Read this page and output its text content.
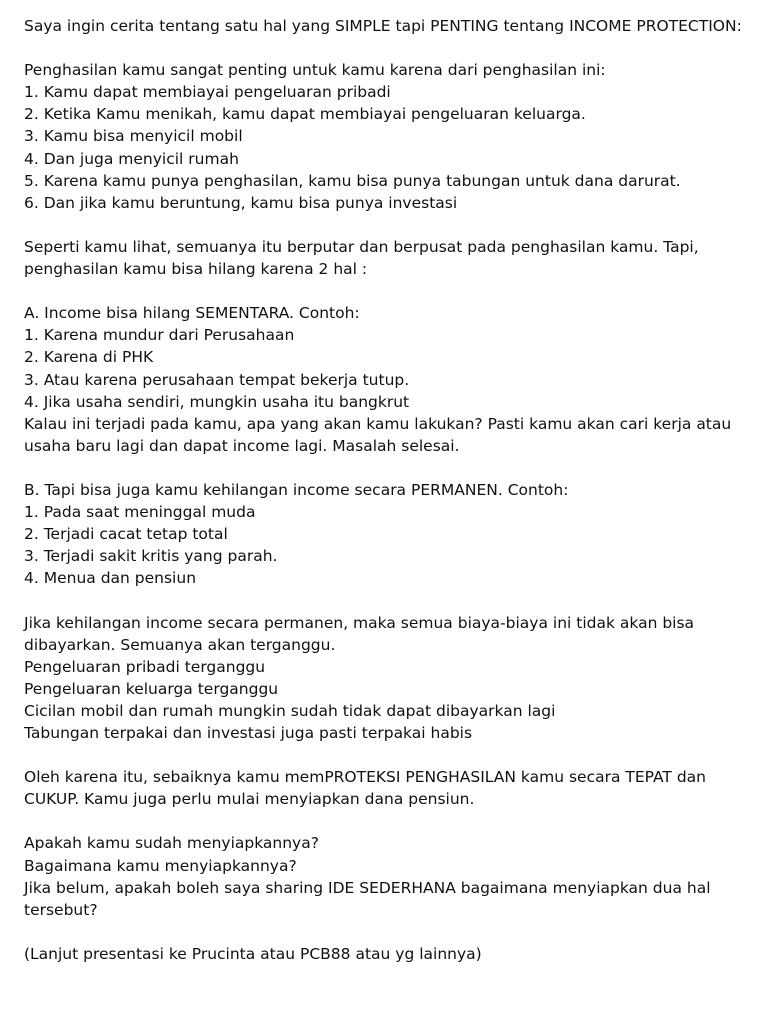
Saya ingin cerita tentang satu hal yang SIMPLE tapi PENTING tentang INCOME PROTECTION:
Penghasilan kamu sangat penting untuk kamu karena dari penghasilan ini:
1. Kamu dapat membiayai pengeluaran pribadi
2. Ketika Kamu menikah, kamu dapat membiayai pengeluaran keluarga.
3. Kamu bisa menyicil mobil
4. Dan juga menyicil rumah
5. Karena kamu punya penghasilan, kamu bisa punya tabungan untuk dana darurat.
6. Dan jika kamu beruntung, kamu bisa punya investasi
Seperti kamu lihat, semuanya itu berputar dan berpusat pada penghasilan kamu. Tapi, penghasilan kamu bisa hilang karena 2 hal :
A. Income bisa hilang SEMENTARA. Contoh:
1. Karena mundur dari Perusahaan
2. Karena di PHK
3. Atau karena perusahaan tempat bekerja tutup.
4. Jika usaha sendiri, mungkin usaha itu bangkrut
Kalau ini terjadi pada kamu, apa yang akan kamu lakukan? Pasti kamu akan cari kerja atau usaha baru lagi dan dapat income lagi. Masalah selesai.
B. Tapi bisa juga kamu kehilangan income secara PERMANEN. Contoh:
1. Pada saat meninggal muda
2. Terjadi cacat tetap total
3. Terjadi sakit kritis yang parah.
4. Menua dan pensiun
Jika kehilangan income secara permanen, maka semua biaya-biaya ini tidak akan bisa dibayarkan. Semuanya akan terganggu.
Pengeluaran pribadi terganggu
Pengeluaran keluarga terganggu
Cicilan mobil dan rumah mungkin sudah tidak dapat dibayarkan lagi
Tabungan terpakai dan investasi juga pasti terpakai habis
Oleh karena itu, sebaiknya kamu memPROTEKSI PENGHASILAN kamu secara TEPAT dan CUKUP. Kamu juga perlu mulai menyiapkan dana pensiun.
Apakah kamu sudah menyiapkannya?
Bagaimana kamu menyiapkannya?
Jika belum, apakah boleh saya sharing IDE SEDERHANA bagaimana menyiapkan dua hal tersebut?
(Lanjut presentasi ke Prucinta atau PCB88 atau yg lainnya)
